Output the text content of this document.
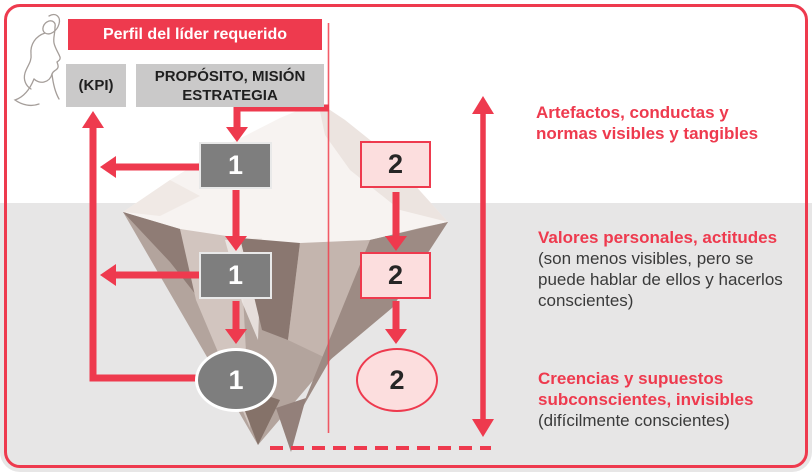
Perfil del líder requerido
(KPI)
PROPÓSITO, MISIÓN
ESTRATEGIA
1
1
1
2
2
2
Artefactos, conductas y
normas visibles y tangibles
Valores personales, actitudes
(son menos visibles, pero se
puede hablar de ellos y hacerlos
conscientes)
Creencias y supuestos
subconscientes, invisibles
(difícilmente conscientes)
